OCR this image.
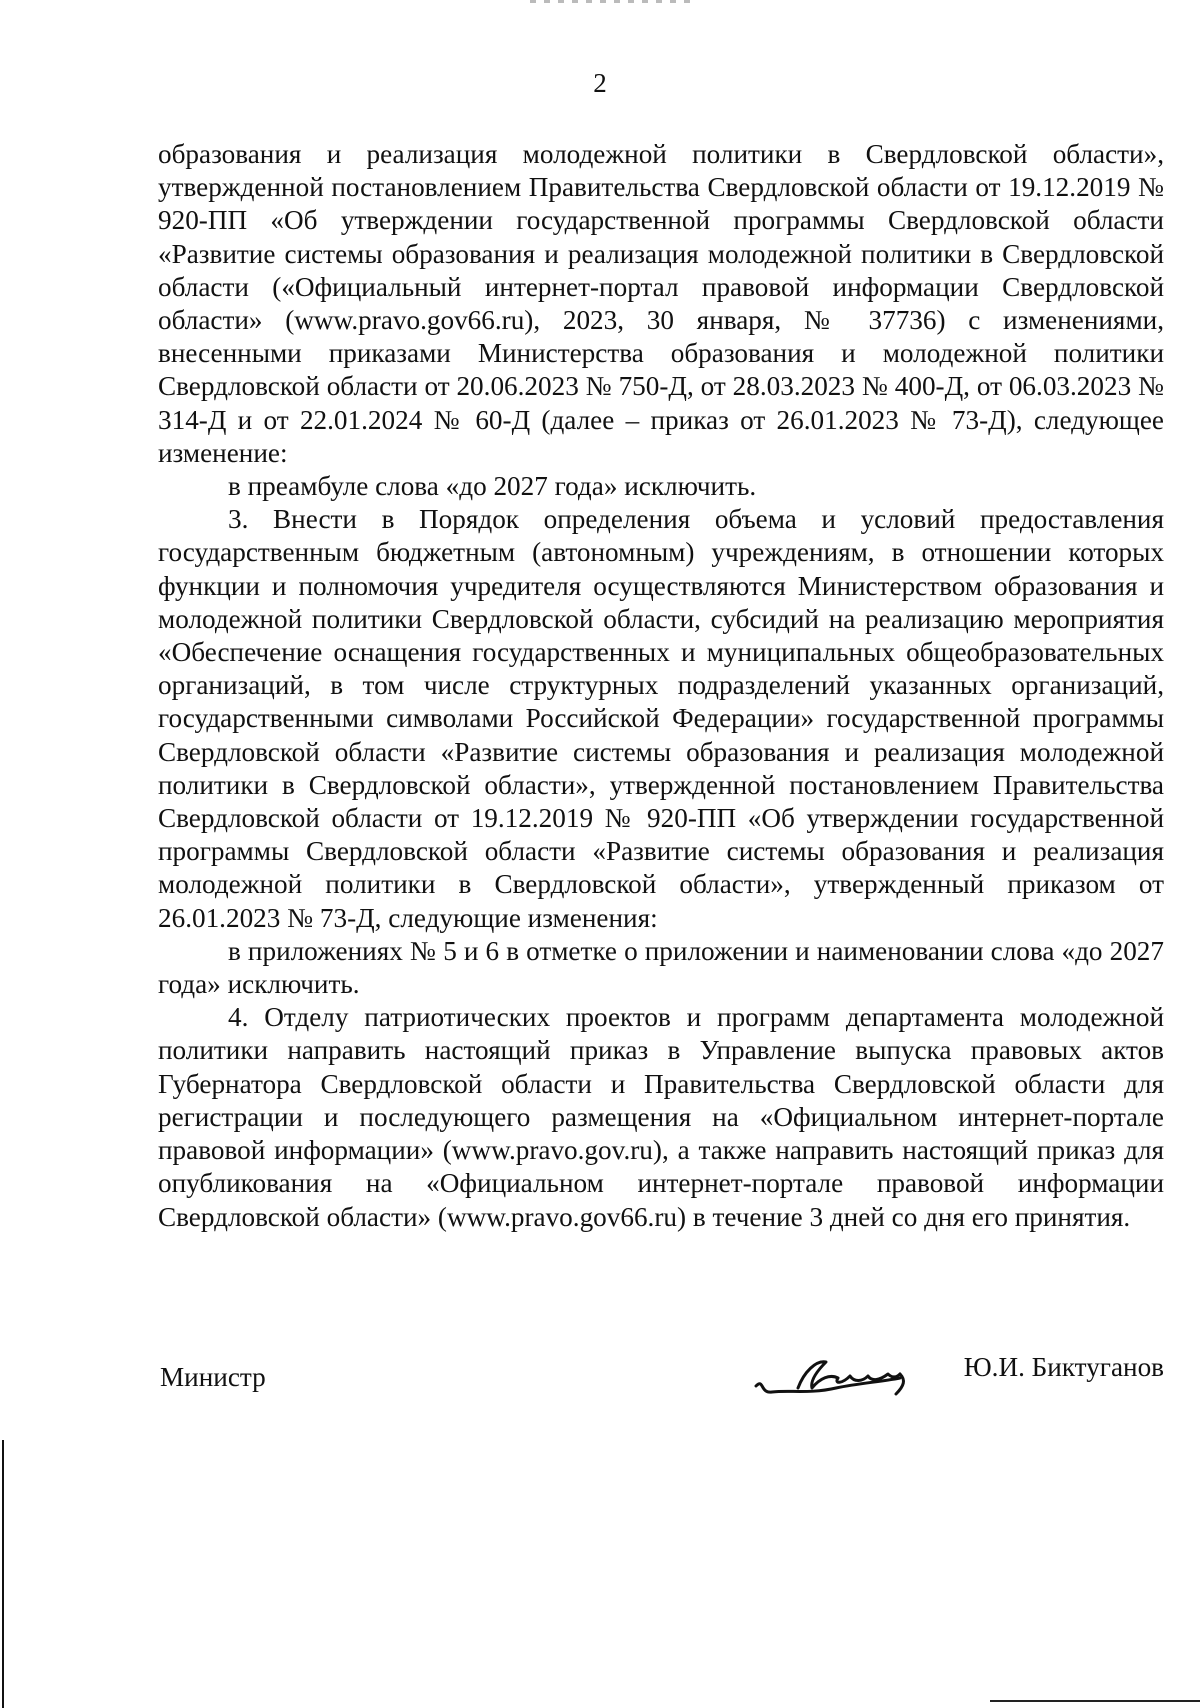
2

образования и реализация молодежной политики в Свердловской области», утвержденной постановлением Правительства Свердловской области от 19.12.2019 № 920-ПП «Об утверждении государственной программы Свердловской области «Развитие системы образования и реализация молодежной политики в Свердловской области («Официальный интернет-портал правовой информации Свердловской области» (www.pravo.gov66.ru), 2023, 30 января, № 37736) с изменениями, внесенными приказами Министерства образования и молодежной политики Свердловской области от 20.06.2023 № 750-Д, от 28.03.2023 № 400-Д, от 06.03.2023 № 314-Д и от 22.01.2024 № 60-Д (далее – приказ от 26.01.2023 № 73-Д), следующее изменение:

в преамбуле слова «до 2027 года» исключить.

3. Внести в Порядок определения объема и условий предоставления государственным бюджетным (автономным) учреждениям, в отношении которых функции и полномочия учредителя осуществляются Министерством образования и молодежной политики Свердловской области, субсидий на реализацию мероприятия «Обеспечение оснащения государственных и муниципальных общеобразовательных организаций, в том числе структурных подразделений указанных организаций, государственными символами Российской Федерации» государственной программы Свердловской области «Развитие системы образования и реализация молодежной политики в Свердловской области», утвержденной постановлением Правительства Свердловской области от 19.12.2019 № 920-ПП «Об утверждении государственной программы Свердловской области «Развитие системы образования и реализация молодежной политики в Свердловской области», утвержденный приказом от 26.01.2023 № 73-Д, следующие изменения:

в приложениях № 5 и 6 в отметке о приложении и наименовании слова «до 2027 года» исключить.

4. Отделу патриотических проектов и программ департамента молодежной политики направить настоящий приказ в Управление выпуска правовых актов Губернатора Свердловской области и Правительства Свердловской области для регистрации и последующего размещения на «Официальном интернет-портале правовой информации» (www.pravo.gov.ru), а также направить настоящий приказ для опубликования на «Официальном интернет-портале правовой информации Свердловской области» (www.pravo.gov66.ru) в течение 3 дней со дня его принятия.

Министр	Ю.И. Биктуганов
